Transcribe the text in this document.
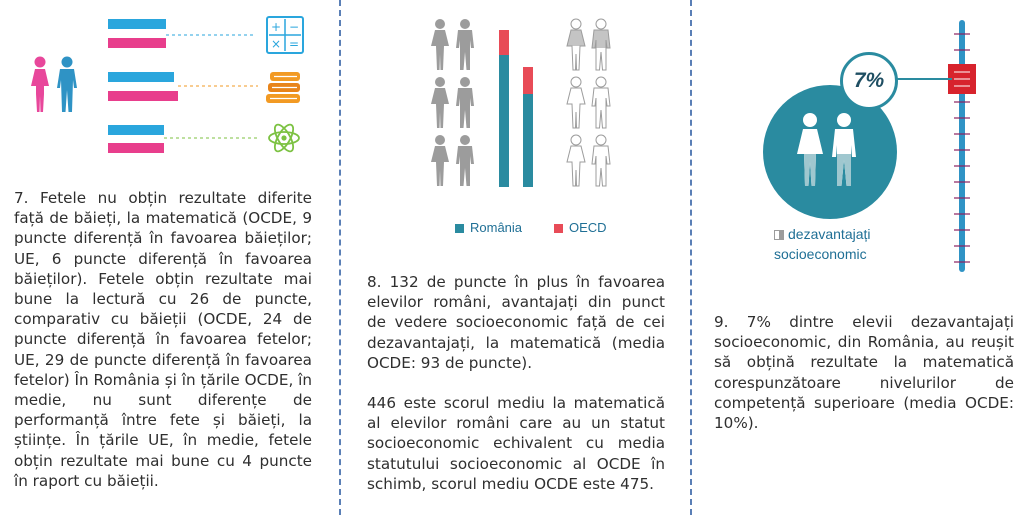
+ −
× =

7. Fetele nu obțin rezultate diferite față de băieți, la matematică (OCDE, 9 puncte diferență în favoarea băieților; UE, 6 puncte diferență în favoarea băieților). Fetele obțin rezultate mai bune la lectură cu 26 de puncte, comparativ cu băieții (OCDE, 24 de puncte diferență în favoarea fetelor; UE, 29 de puncte diferență în favoarea fetelor) În România și în țările OCDE, în medie, nu sunt diferențe de performanță între fete și băieți, la științe. În țările UE, în medie, fetele obțin rezultate mai bune cu 4 puncte în raport cu băieții.

România	OECD

8. 132 de puncte în plus în favoarea elevilor români, avantajați din punct de vedere socioeconomic față de cei dezavantajați, la matematică (media OCDE: 93 de puncte).

446 este scorul mediu la matematică al elevilor români care au un statut socioeconomic echivalent cu media statutului socioeconomic al OCDE în schimb, scorul mediu OCDE este 475.

7%
dezavantajați
socioeconomic

9. 7% dintre elevii dezavantajați socioeconomic, din România, au reușit să obțină rezultate la matematică corespunzătoare nivelurilor de competență superioare (media OCDE: 10%).
